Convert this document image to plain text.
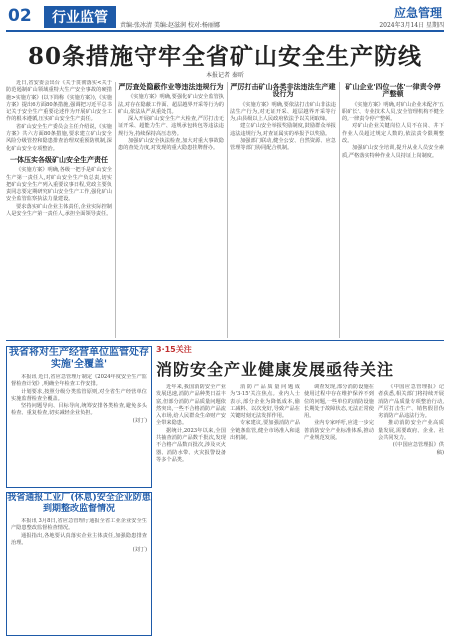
02	行业监管	责编:张冰清 美编:赵滋润 校对:杨丽娜
应急管理
2024年3月14日 星期四
80条措施守牢全省矿山安全生产防线
本报记者 秦昕

近日,省安委会出台《关于贯彻落实<关于防范遏制矿山领域重特大生产安全事故的硬措施>实施方案》(以下简称《实施方案》),《实施方案》提出6方面80条措施,强调把习近平总书记关于安全生产重要论述作为开展矿山安全工作的根本遵循,压实矿山安全生产责任。

省矿山安全生产委员会主任介绍说,《实施方案》共六方面80条措施,要求建立矿山安全风险分级管控和隐患排查治理双重预防机制,深化矿山安全专项整治。

一体压实各级矿山安全生产责任

《实施方案》明确,各级一把手是矿山安全生产第一责任人,对矿山安全生产负总责,切实把矿山安全生产列入重要议事日程,党政主要负责同志要定期研究矿山安全生产工作,强化矿山安全监管监察执法力量建设。

要求落实矿山企业主体责任,企业实际控制人是安全生产第一责任人,承担全面领导责任。

严厉查处隐蔽作业等违法违规行为

《实施方案》明确,要强化矿山安全监管执法,对存在隐蔽工作面、超层越界开采等行为的矿山,依法从严从重处罚。

深入开展矿山安全生产大检查,严厉打击无证开采、超能力生产、违规承包转包等违法违规行为,持续保持高压态势。

加强矿山安全执法检查,加大对重大事故隐患的查处力度,对发现的重大隐患挂牌督办。

严厉打击矿山各类非法违法生产建设行为

《实施方案》明确,要依法打击矿山非法违法生产行为,对无证开采、超层越界开采等行为,由县级以上人民政府依法予以关闭取缔。

建立矿山安全举报奖励制度,鼓励群众举报违法违规行为,对查证属实的举报予以奖励。

加强部门联动,健全公安、自然资源、应急管理等部门协同配合机制。

矿山企业'四位一体'一律责令停产整顿

《实施方案》明确,对矿山企业未配齐'五职矿长'、专业技术人员,安全管理机构不健全的,一律责令停产整顿。

对矿山企业关键岗位人员不在岗、井下作业人员超过规定人数的,依法责令限期整改。

加强矿山安全培训,提升从业人员安全素质,严格落实特种作业人员持证上岗制度。

我省将对生产经营单位监管处存实施'全覆盖'

本报讯 近日,省应急管理厅制定《2024年度安全生产监督检查计划》,明确全年检查工作安排。

计划要求,按照分级分类监管原则,对全省生产经营单位实施监督检查全覆盖。

坚持问题导向、目标导向,统筹安排各类检查,避免多头检查、重复检查,切实减轻企业负担。

(刘丁)

我省通报工业厂(休息)安全企业防患到期整改监督情况

本报讯 3月8日,省应急管理厅通报全省工业企业安全生产隐患整改监督检查情况。

通报指出,各地要认真落实企业主体责任,加强隐患排查治理。

(刘丁)

3·15关注
消防安全产业健康发展亟待关注

近年来,我国消防安全产业发展迅速,消防产品种类日益丰富,但部分消防产品质量问题依然突出,一些不合格消防产品流入市场,给人民群众生命财产安全带来隐患。

据统计,2023年以来,全国共抽查消防产品数千批次,发现不合格产品数百批次,涉及灭火器、消防水带、火灾报警设备等多个品类。

消防产品质量问题成为'3·15'关注焦点。业内人士表示,部分企业为降低成本,偷工减料、以次充好,导致产品在关键时刻无法发挥作用。

专家建议,要加强消防产品全链条监管,健全市场准入和退出机制。

调查发现,部分消防设施在使用过程中存在维护保养不到位的问题,一些单位的消防设施长期处于故障状态,无法正常使用。

业内专家呼吁,应进一步完善消防安全产业标准体系,推动产业规范发展。

《中国应急管理报》记者获悉,相关部门将持续开展消防产品质量专项整治行动,严厉打击生产、销售假冒伪劣消防产品违法行为。

推动消防安全产业高质量发展,需要政府、企业、社会共同发力。

(《中国应急管理报》供稿)
